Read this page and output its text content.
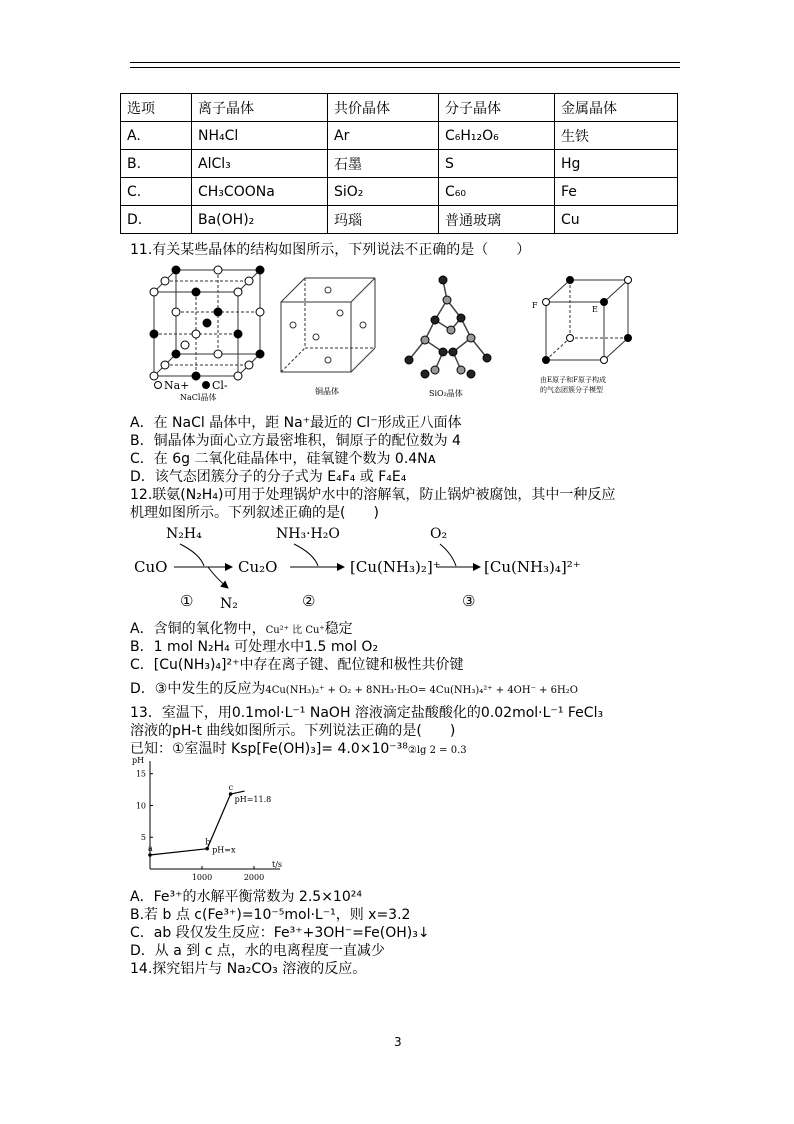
选项	离子晶体	共价晶体	分子晶体	金属晶体
A.	NH₄Cl	Ar	C₆H₁₂O₆	生铁
B.	AlCl₃	石墨	S	Hg
C.	CH₃COONa	SiO₂	C₆₀	Fe
D.	Ba(OH)₂	玛瑙	普通玻璃	Cu
11.有关某些晶体的结构如图所示，下列说法不正确的是（　　）
Na+ Cl-
NaCl晶体
铜晶体	SiO₂晶体
F	E
由E原子和F原子构成
的气态团簇分子模型
A．在 NaCl 晶体中，距 Na⁺最近的 Cl⁻形成正八面体
B．铜晶体为面心立方最密堆积，铜原子的配位数为 4
C．在 6g 二氧化硅晶体中，硅氧键个数为 0.4Nᴀ
D．该气态团簇分子的分子式为 E₄F₄ 或 F₄E₄
12.联氨(N₂H₄)可用于处理锅炉水中的溶解氧，防止锅炉被腐蚀，其中一种反应
机理如图所示。下列叙述正确的是(　　)
N₂H₄	NH₃·H₂O	O₂
CuO	Cu₂O	[Cu(NH₃)₂]⁺	[Cu(NH₃)₄]²⁺
① N₂	②	③
A．含铜的氧化物中，Cu²⁺ 比 Cu⁺稳定
B．1 mol N₂H₄ 可处理水中1.5 mol O₂
C．[Cu(NH₃)₄]²⁺中存在离子键、配位键和极性共价键
D．③中发生的反应为4Cu(NH₃)₂⁺ + O₂ + 8NH₃·H₂O= 4Cu(NH₃)₄²⁺ + 4OH⁻ + 6H₂O
13．室温下，用0.1mol·L⁻¹ NaOH 溶液滴定盐酸酸化的0.02mol·L⁻¹ FeCl₃
溶液的pH-t 曲线如图所示。下列说法正确的是(　　)
已知：①室温时 Ksp[Fe(OH)₃]= 4.0×10⁻³⁸②lg 2 = 0.3
pH
t/s
5
10
15
1000	2000
a
b
c
pH=11.8
pH=x
A．Fe³⁺的水解平衡常数为 2.5×10²⁴
B.若 b 点 c(Fe³⁺)=10⁻⁵mol·L⁻¹，则 x=3.2
C．ab 段仅发生反应：Fe³⁺+3OH⁻=Fe(OH)₃↓
D．从 a 到 c 点，水的电离程度一直减少
14.探究铝片与 Na₂CO₃ 溶液的反应。
3
